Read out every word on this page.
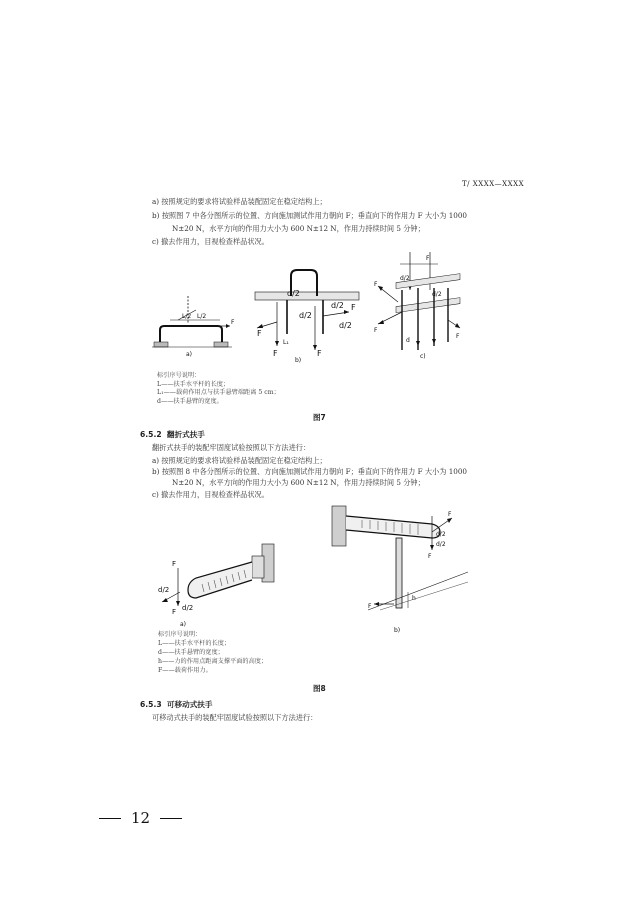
T/ XXXX—XXXX
a) 按照规定的要求将试验样品装配固定在稳定结构上；
b) 按照图 7 中各分图所示的位置、方向施加测试作用力朝向 F；垂直向下的作用力 F 大小为 1000
N±20 N，水平方向的作用力大小为 600 N±12 N，作用力持续时间 5 分钟；
c) 撤去作用力，目视检查样品状况。
L/2 L/2
F
a)
d/2
d/2
d/2
d/2
F
F	F
F
L₁
b)
F
d/2
d/2
F
F
F
d
c)
标引序号说明：
L——扶手水平杆的长度；
L₁——载荷作用点与扶手悬臂端距离 5 cm；
d——扶手悬臂的宽度。
图7
6.5.2 翻折式扶手
翻折式扶手的装配牢固度试验按照以下方法进行：
a) 按照规定的要求将试验样品装配固定在稳定结构上；
b) 按照图 8 中各分图所示的位置、方向施加测试作用力朝向 F；垂直向下的作用力 F 大小为 1000
N±20 N，水平方向的作用力大小为 600 N±12 N，作用力持续时间 5 分钟；
c) 撤去作用力，目视检查样品状况。
F
d/2
F d/2
a)
F
d/2
d/2
F
h
F
b)
标引序号说明：
L——扶手水平杆的长度；
d——扶手悬臂的宽度；
h——力的作用点距离支撑平面的高度；
F——载荷作用力。
图8
6.5.3 可移动式扶手
可移动式扶手的装配牢固度试验按照以下方法进行：
12
